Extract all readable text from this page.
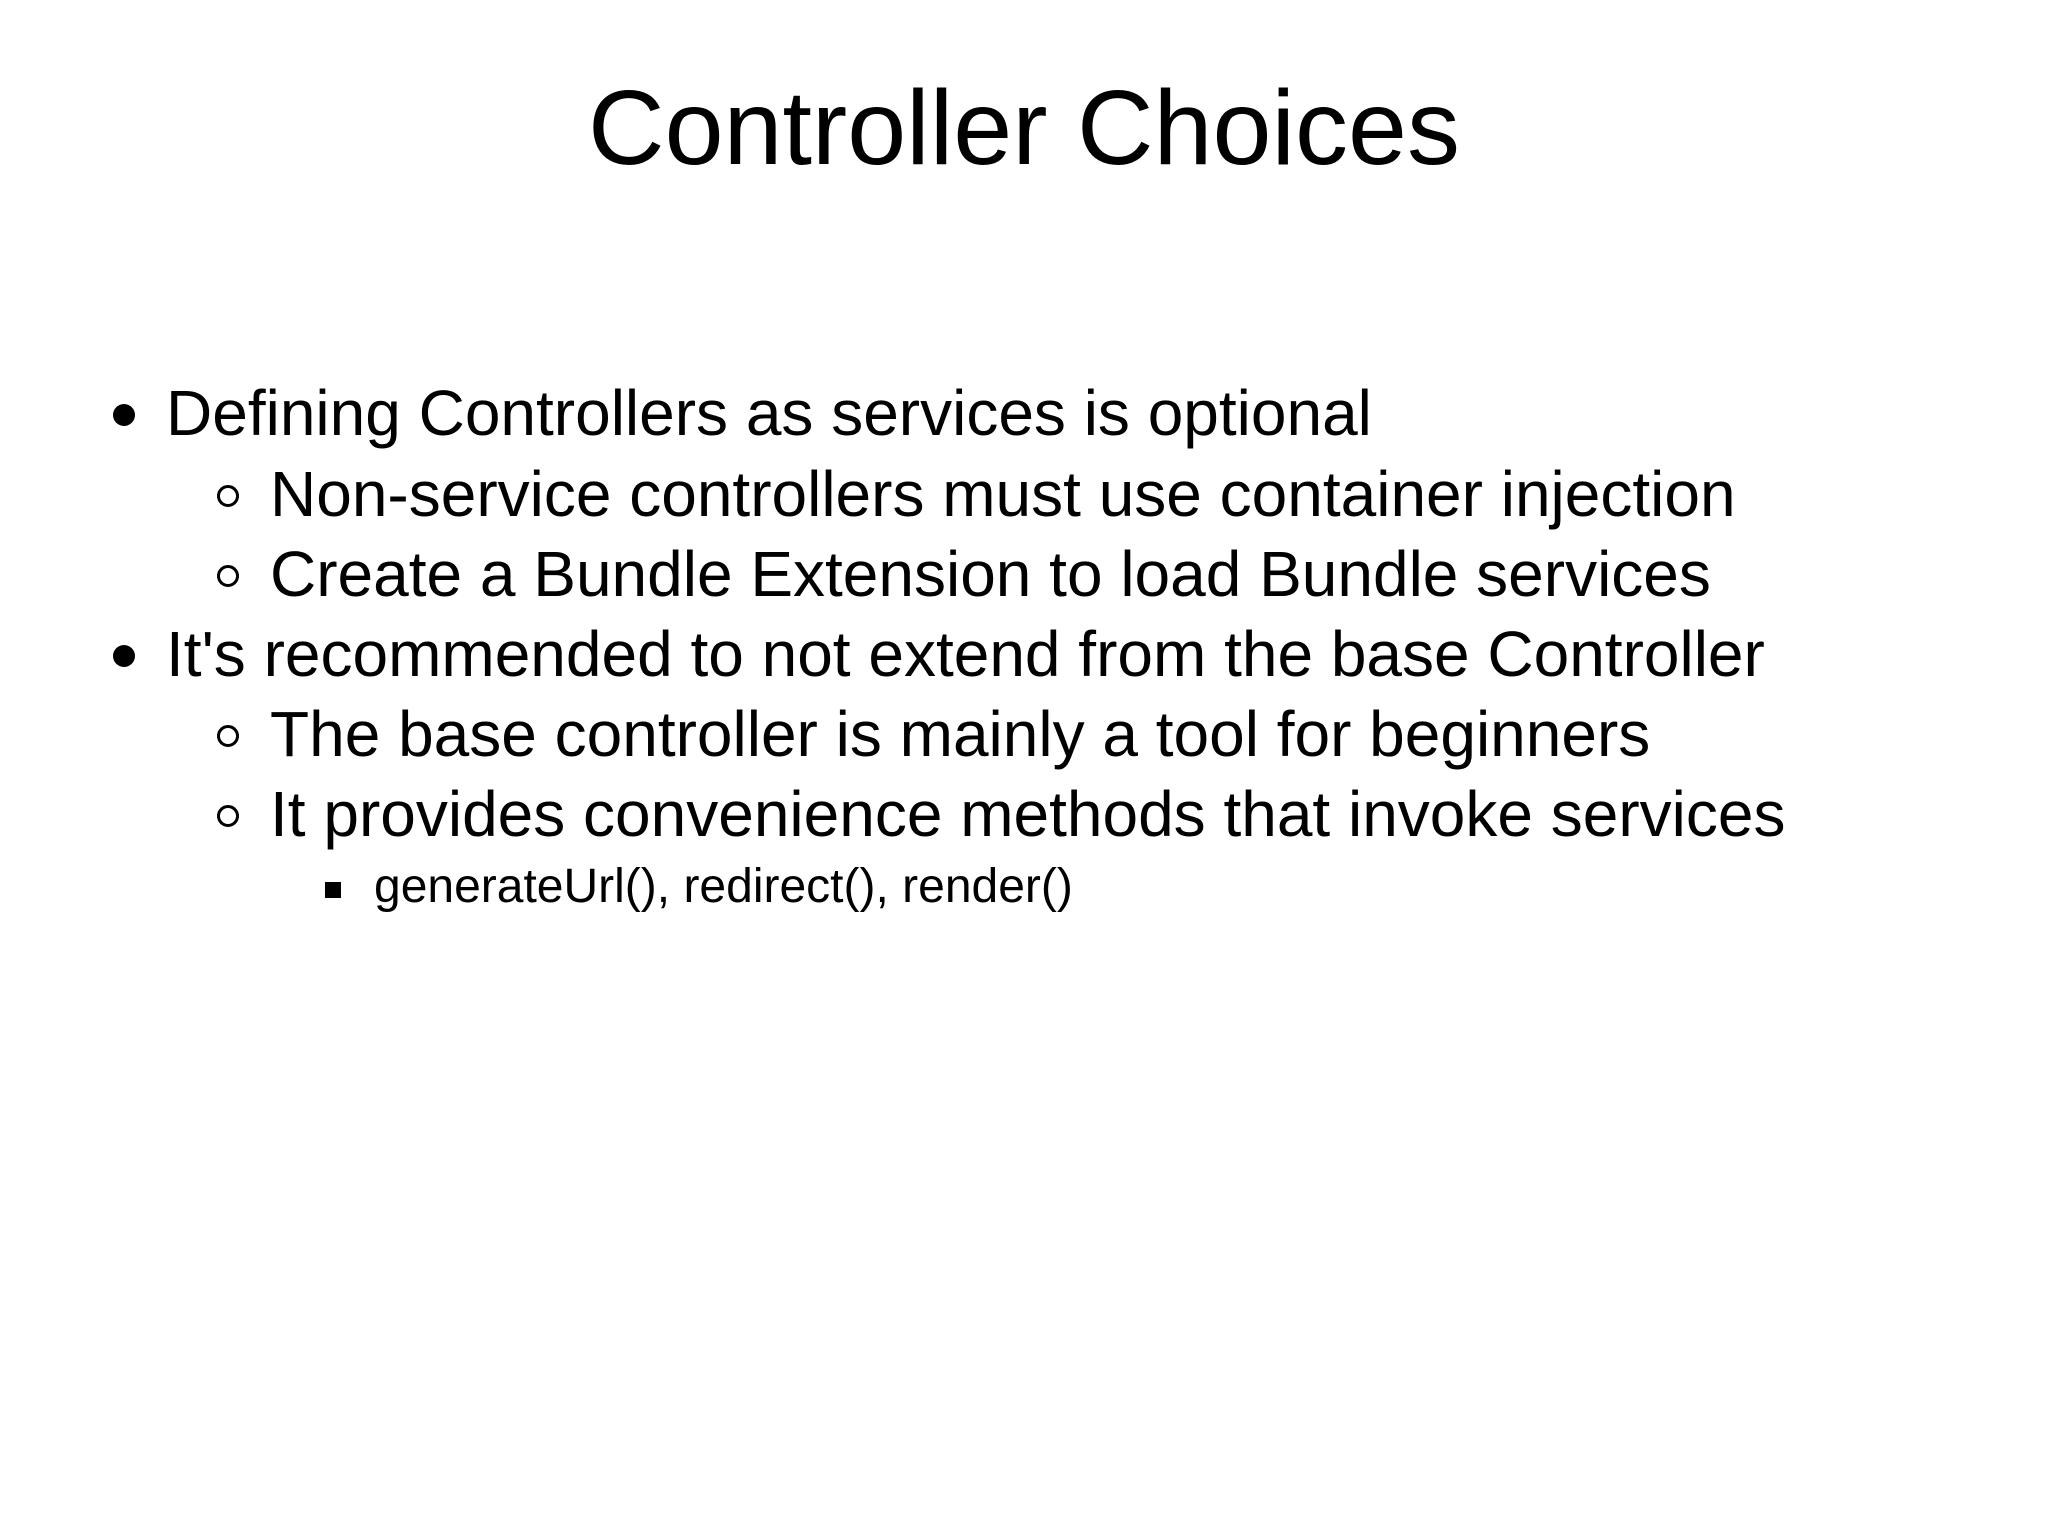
Controller Choices
Defining Controllers as services is optional
Non-service controllers must use container injection
Create a Bundle Extension to load Bundle services
It's recommended to not extend from the base Controller
The base controller is mainly a tool for beginners
It provides convenience methods that invoke services
generateUrl(), redirect(), render()
